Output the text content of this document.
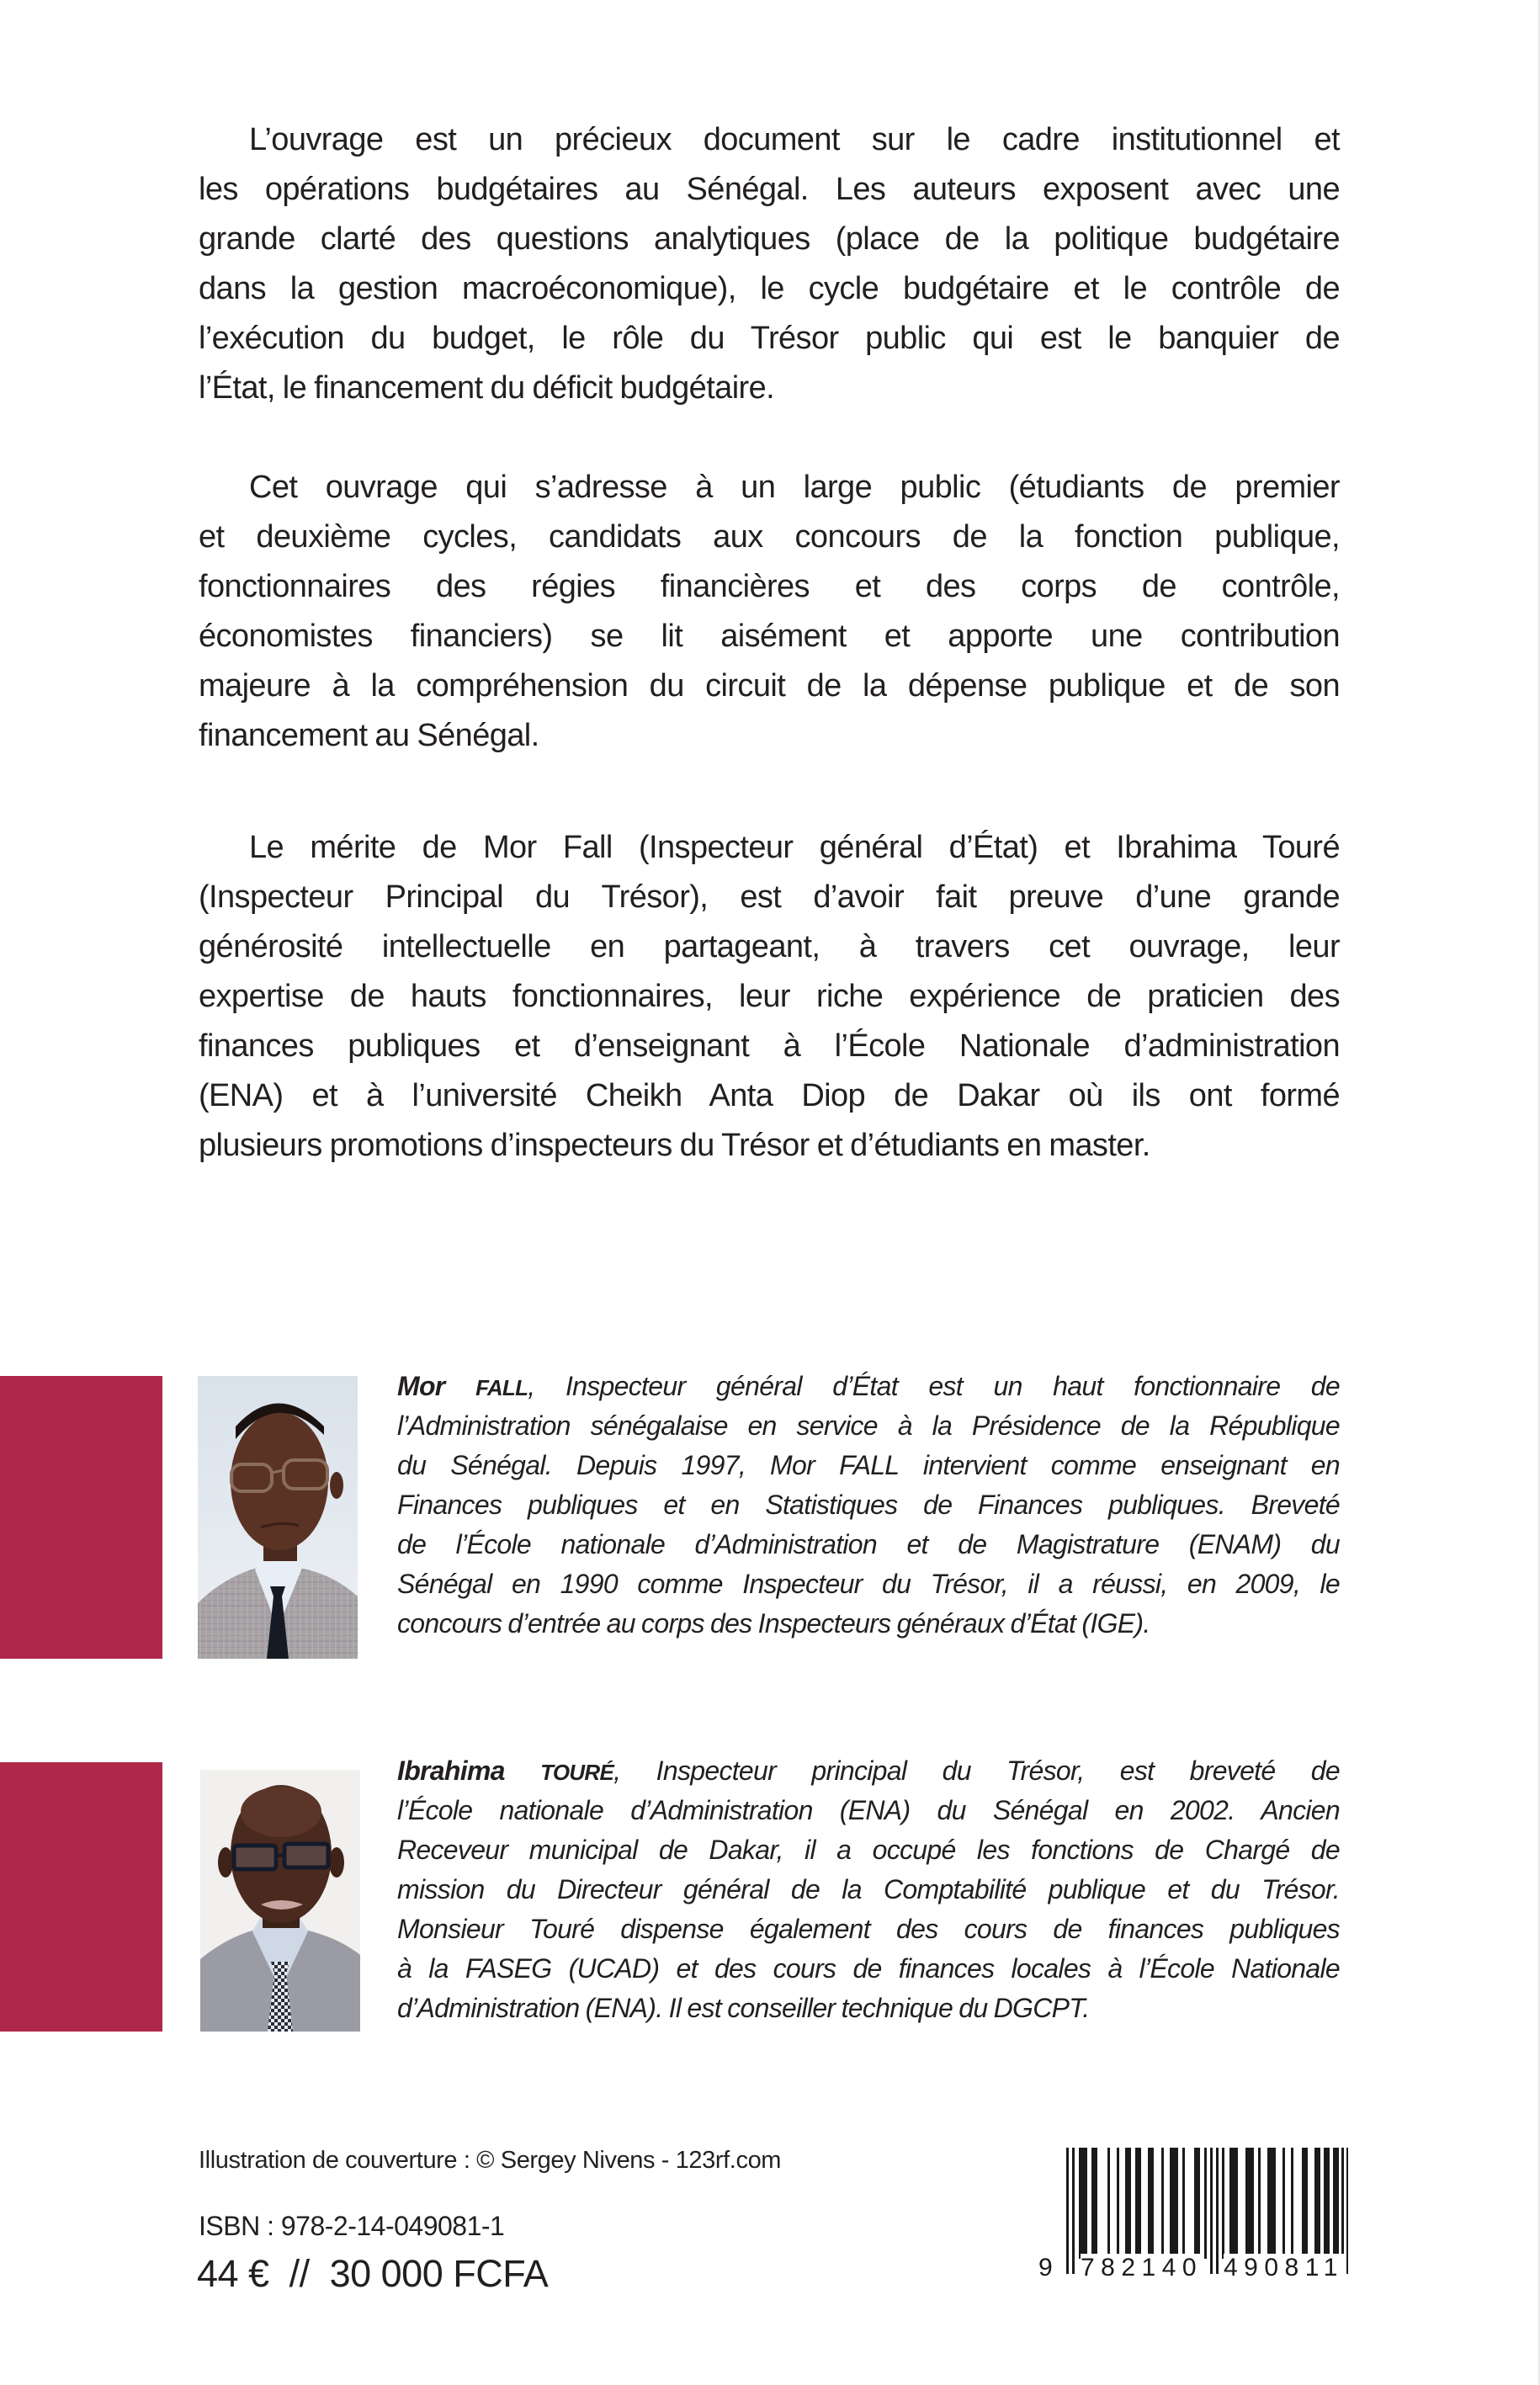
L’ouvrage est un précieux document sur le cadre institutionnel et
les opérations budgétaires au Sénégal. Les auteurs exposent avec une
grande clarté des questions analytiques (place de la politique budgétaire
dans la gestion macroéconomique), le cycle budgétaire et le contrôle de
l’exécution du budget, le rôle du Trésor public qui est le banquier de
l’État, le financement du déficit budgétaire.
Cet ouvrage qui s’adresse à un large public (étudiants de premier
et deuxième cycles, candidats aux concours de la fonction publique,
fonctionnaires des régies financières et des corps de contrôle,
économistes financiers) se lit aisément et apporte une contribution
majeure à la compréhension du circuit de la dépense publique et de son
financement au Sénégal.
Le mérite de Mor Fall (Inspecteur général d’État) et Ibrahima Touré
(Inspecteur Principal du Trésor), est d’avoir fait preuve d’une grande
générosité intellectuelle en partageant, à travers cet ouvrage, leur
expertise de hauts fonctionnaires, leur riche expérience de praticien des
finances publiques et d’enseignant à l’École Nationale d’administration
(ENA) et à l’université Cheikh Anta Diop de Dakar où ils ont formé
plusieurs promotions d’inspecteurs du Trésor et d’étudiants en master.
Mor FALL, Inspecteur général d’État est un haut fonctionnaire de
l’Administration sénégalaise en service à la Présidence de la République
du Sénégal. Depuis 1997, Mor FALL intervient comme enseignant en
Finances publiques et en Statistiques de Finances publiques. Breveté
de l’École nationale d’Administration et de Magistrature (ENAM) du
Sénégal en 1990 comme Inspecteur du Trésor, il a réussi, en 2009, le
concours d’entrée au corps des Inspecteurs généraux d’État (IGE).
Ibrahima TOURÉ, Inspecteur principal du Trésor, est breveté de
l’École nationale d’Administration (ENA) du Sénégal en 2002. Ancien
Receveur municipal de Dakar, il a occupé les fonctions de Chargé de
mission du Directeur général de la Comptabilité publique et du Trésor.
Monsieur Touré dispense également des cours de finances publiques
à la FASEG (UCAD) et des cours de finances locales à l’École Nationale
d’Administration (ENA). Il est conseiller technique du DGCPT.
Illustration de couverture : © Sergey Nivens - 123rf.com
ISBN : 978-2-14-049081-1
44 €  //  30 000 FCFA	9 782140 490811
